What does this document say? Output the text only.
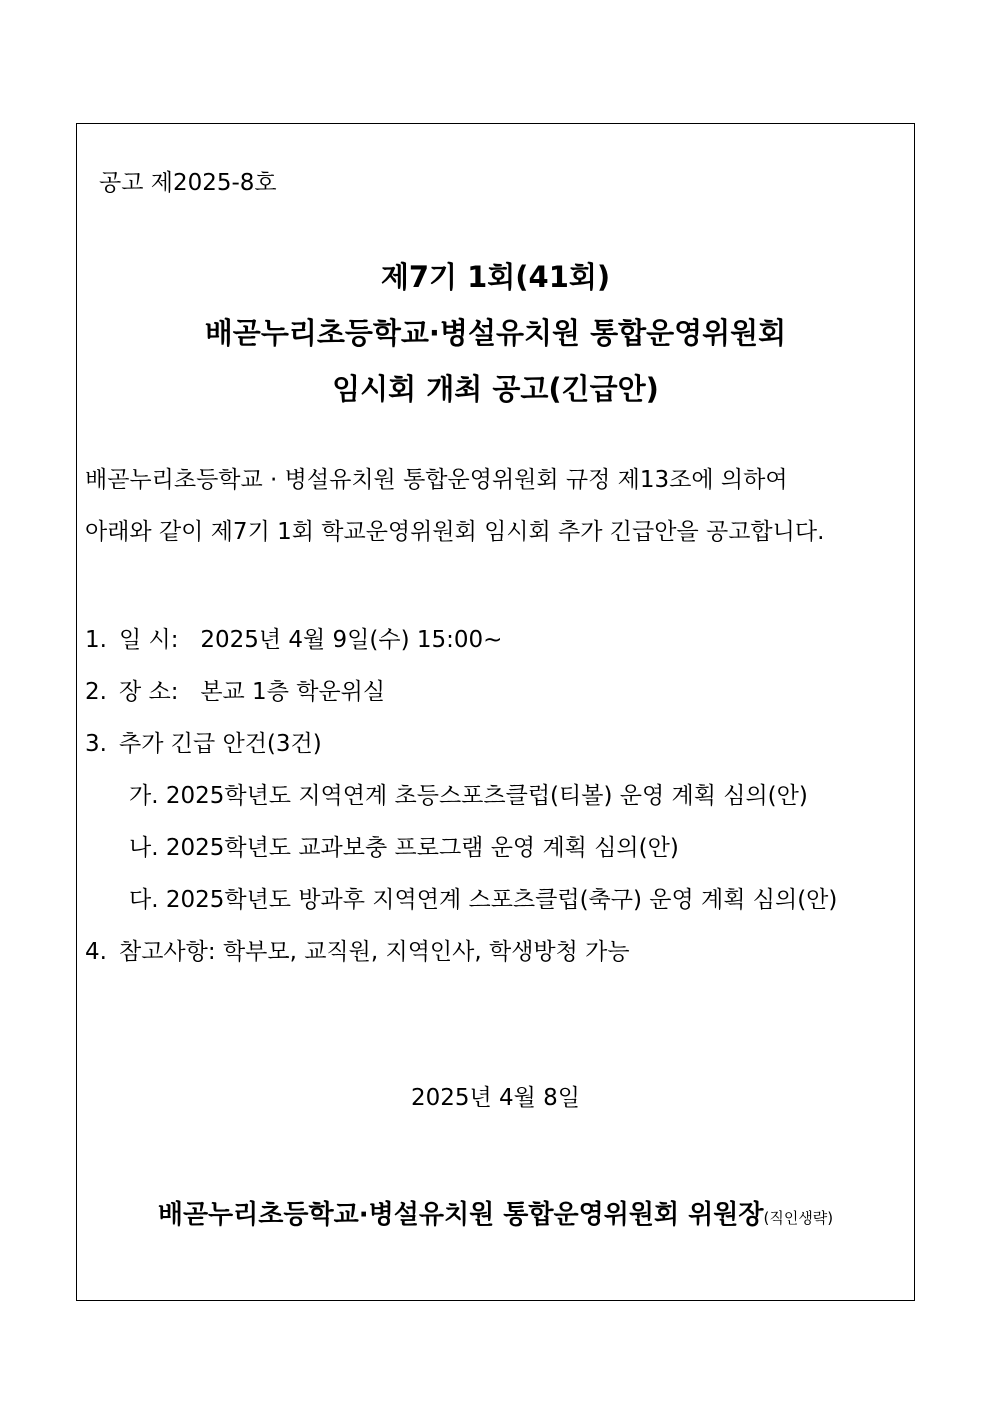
공고 제2025-8호
제7기 1회(41회)
배곧누리초등학교·병설유치원 통합운영위원회
임시회 개최 공고(긴급안)
배곧누리초등학교 · 병설유치원 통합운영위원회 규정 제13조에 의하여
아래와 같이 제7기 1회 학교운영위원회 임시회 추가 긴급안을 공고합니다.
1. 일 시: 2025년 4월 9일(수) 15:00~
2. 장 소: 본교 1층 학운위실
3. 추가 긴급 안건(3건)
가. 2025학년도 지역연계 초등스포츠클럽(티볼) 운영 계획 심의(안)
나. 2025학년도 교과보충 프로그램 운영 계획 심의(안)
다. 2025학년도 방과후 지역연계 스포츠클럽(축구) 운영 계획 심의(안)
4. 참고사항: 학부모, 교직원, 지역인사, 학생방청 가능
2025년 4월 8일
배곧누리초등학교·병설유치원 통합운영위원회 위원장(직인생략)
